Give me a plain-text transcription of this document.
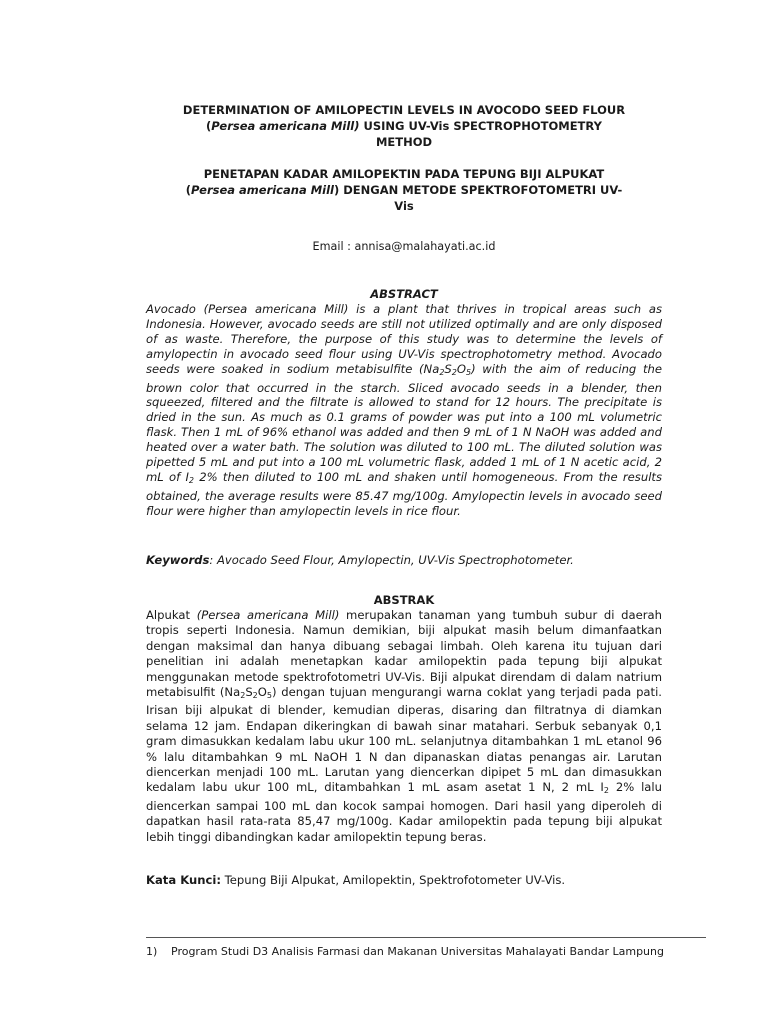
DETERMINATION OF AMILOPECTIN LEVELS IN AVOCODO SEED FLOUR
(Persea americana Mill) USING UV-Vis SPECTROPHOTOMETRY
METHOD
PENETAPAN KADAR AMILOPEKTIN PADA TEPUNG BIJI ALPUKAT
(Persea americana Mill) DENGAN METODE SPEKTROFOTOMETRI UV-
Vis
Email : annisa@malahayati.ac.id
ABSTRACT
Avocado (Persea americana Mill) is a plant that thrives in tropical areas such as Indonesia. However, avocado seeds are still not utilized optimally and are only disposed of as waste. Therefore, the purpose of this study was to determine the levels of amylopectin in avocado seed flour using UV-Vis spectrophotometry method. Avocado seeds were soaked in sodium metabisulfite $(Na_2S_2O_5)$ with the aim of reducing the brown color that occurred in the starch. Sliced avocado seeds in a blender, then squeezed, filtered and the filtrate is allowed to stand for 12 hours. The precipitate is dried in the sun. As much as 0.1 grams of powder was put into a 100 mL volumetric flask. Then 1 mL of 96% ethanol was added and then 9 mL of 1 N NaOH was added and heated over a water bath. The solution was diluted to 100 mL. The diluted solution was pipetted 5 mL and put into a 100 mL volumetric flask, added 1 mL of 1 N acetic acid, 2 mL of $I_2$ 2% then diluted to 100 mL and shaken until homogeneous. From the results obtained, the average results were 85.47 mg/100g. Amylopectin levels in avocado seed flour were higher than amylopectin levels in rice flour.
Keywords: Avocado Seed Flour, Amylopectin, UV-Vis Spectrophotometer.
ABSTRAK
Alpukat (Persea americana Mill) merupakan tanaman yang tumbuh subur di daerah tropis seperti Indonesia. Namun demikian, biji alpukat masih belum dimanfaatkan dengan maksimal dan hanya dibuang sebagai limbah. Oleh karena itu tujuan dari penelitian ini adalah menetapkan kadar amilopektin pada tepung biji alpukat menggunakan metode spektrofotometri UV-Vis. Biji alpukat direndam di dalam natrium metabisulfit $(Na_2S_2O_5)$ dengan tujuan mengurangi warna coklat yang terjadi pada pati. Irisan biji alpukat di blender, kemudian diperas, disaring dan filtratnya di diamkan selama 12 jam. Endapan dikeringkan di bawah sinar matahari. Serbuk sebanyak 0,1 gram dimasukkan kedalam labu ukur 100 mL. selanjutnya ditambahkan 1 mL etanol 96 % lalu ditambahkan 9 mL NaOH 1 N dan dipanaskan diatas penangas air. Larutan diencerkan menjadi 100 mL. Larutan yang diencerkan dipipet 5 mL dan dimasukkan kedalam labu ukur 100 mL, ditambahkan 1 mL asam asetat 1 N, 2 mL $I_2$ 2% lalu diencerkan sampai 100 mL dan kocok sampai homogen. Dari hasil yang diperoleh di dapatkan hasil rata-rata 85,47 mg/100g. Kadar amilopektin pada tepung biji alpukat lebih tinggi dibandingkan kadar amilopektin tepung beras.
Kata Kunci: Tepung Biji Alpukat, Amilopektin, Spektrofotometer UV-Vis.
1) Program Studi D3 Analisis Farmasi dan Makanan Universitas Mahalayati Bandar Lampung
